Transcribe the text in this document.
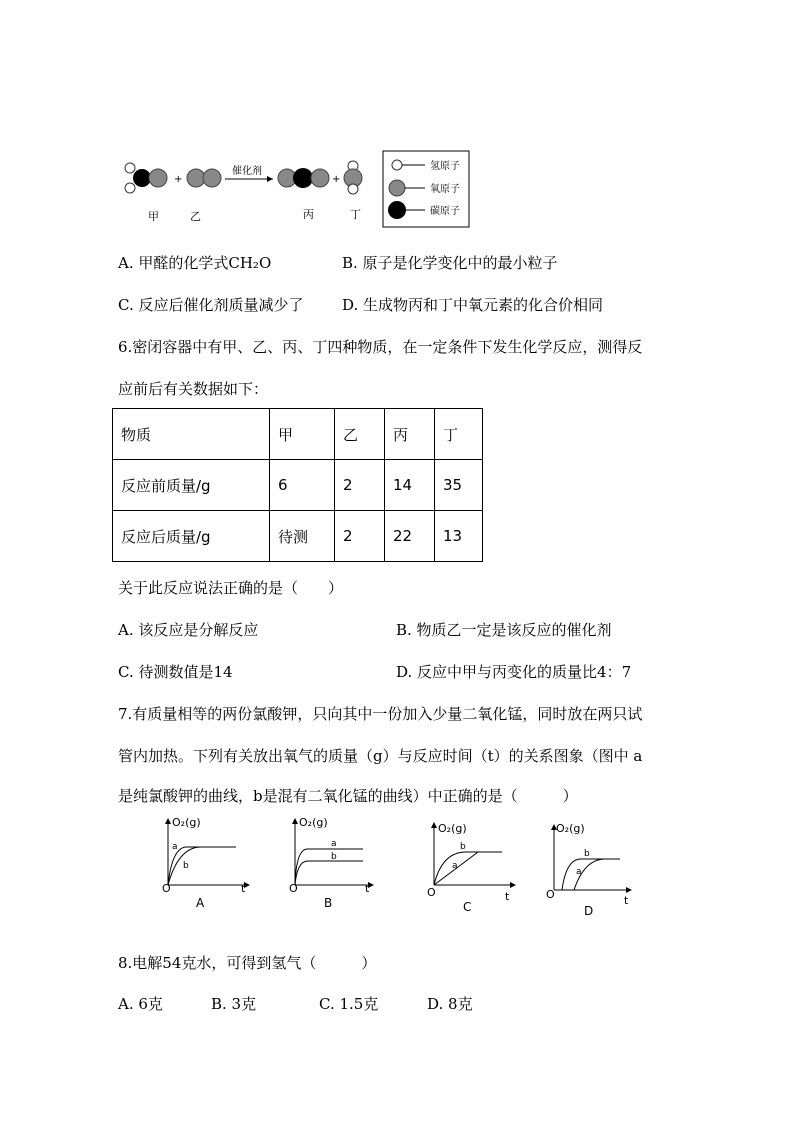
+
催化剂
+
甲	乙	丙	丁
氢原子
氧原子
碳原子
A. 甲醛的化学式CH₂O	B. 原子是化学变化中的最小粒子
C. 反应后催化剂质量减少了	D. 生成物丙和丁中氧元素的化合价相同
6.密闭容器中有甲、乙、丙、丁四种物质，在一定条件下发生化学反应，测得反
应前后有关数据如下：
物质	甲	乙	丙	丁
反应前质量/g	6	2	14	35
反应后质量/g	待测	2	22	13
关于此反应说法正确的是（　　）
A. 该反应是分解反应	B. 物质乙一定是该反应的催化剂
C. 待测数值是14	D. 反应中甲与丙变化的质量比4：7
7.有质量相等的两份氯酸钾，只向其中一份加入少量二氧化锰，同时放在两只试
管内加热。下列有关放出氧气的质量（g）与反应时间（t）的关系图象（图中 a
是纯氯酸钾的曲线，b是混有二氧化锰的曲线）中正确的是（　　　）
O₂(g)
a
b
O	t
A
O₂(g)
a
b
O	t
B
O₂(g)
b
a
O	t
C
O₂(g)
b
a
O	t
D
8.电解54克水，可得到氢气（　　　）
A. 6克	B. 3克	C. 1.5克	D. 8克
